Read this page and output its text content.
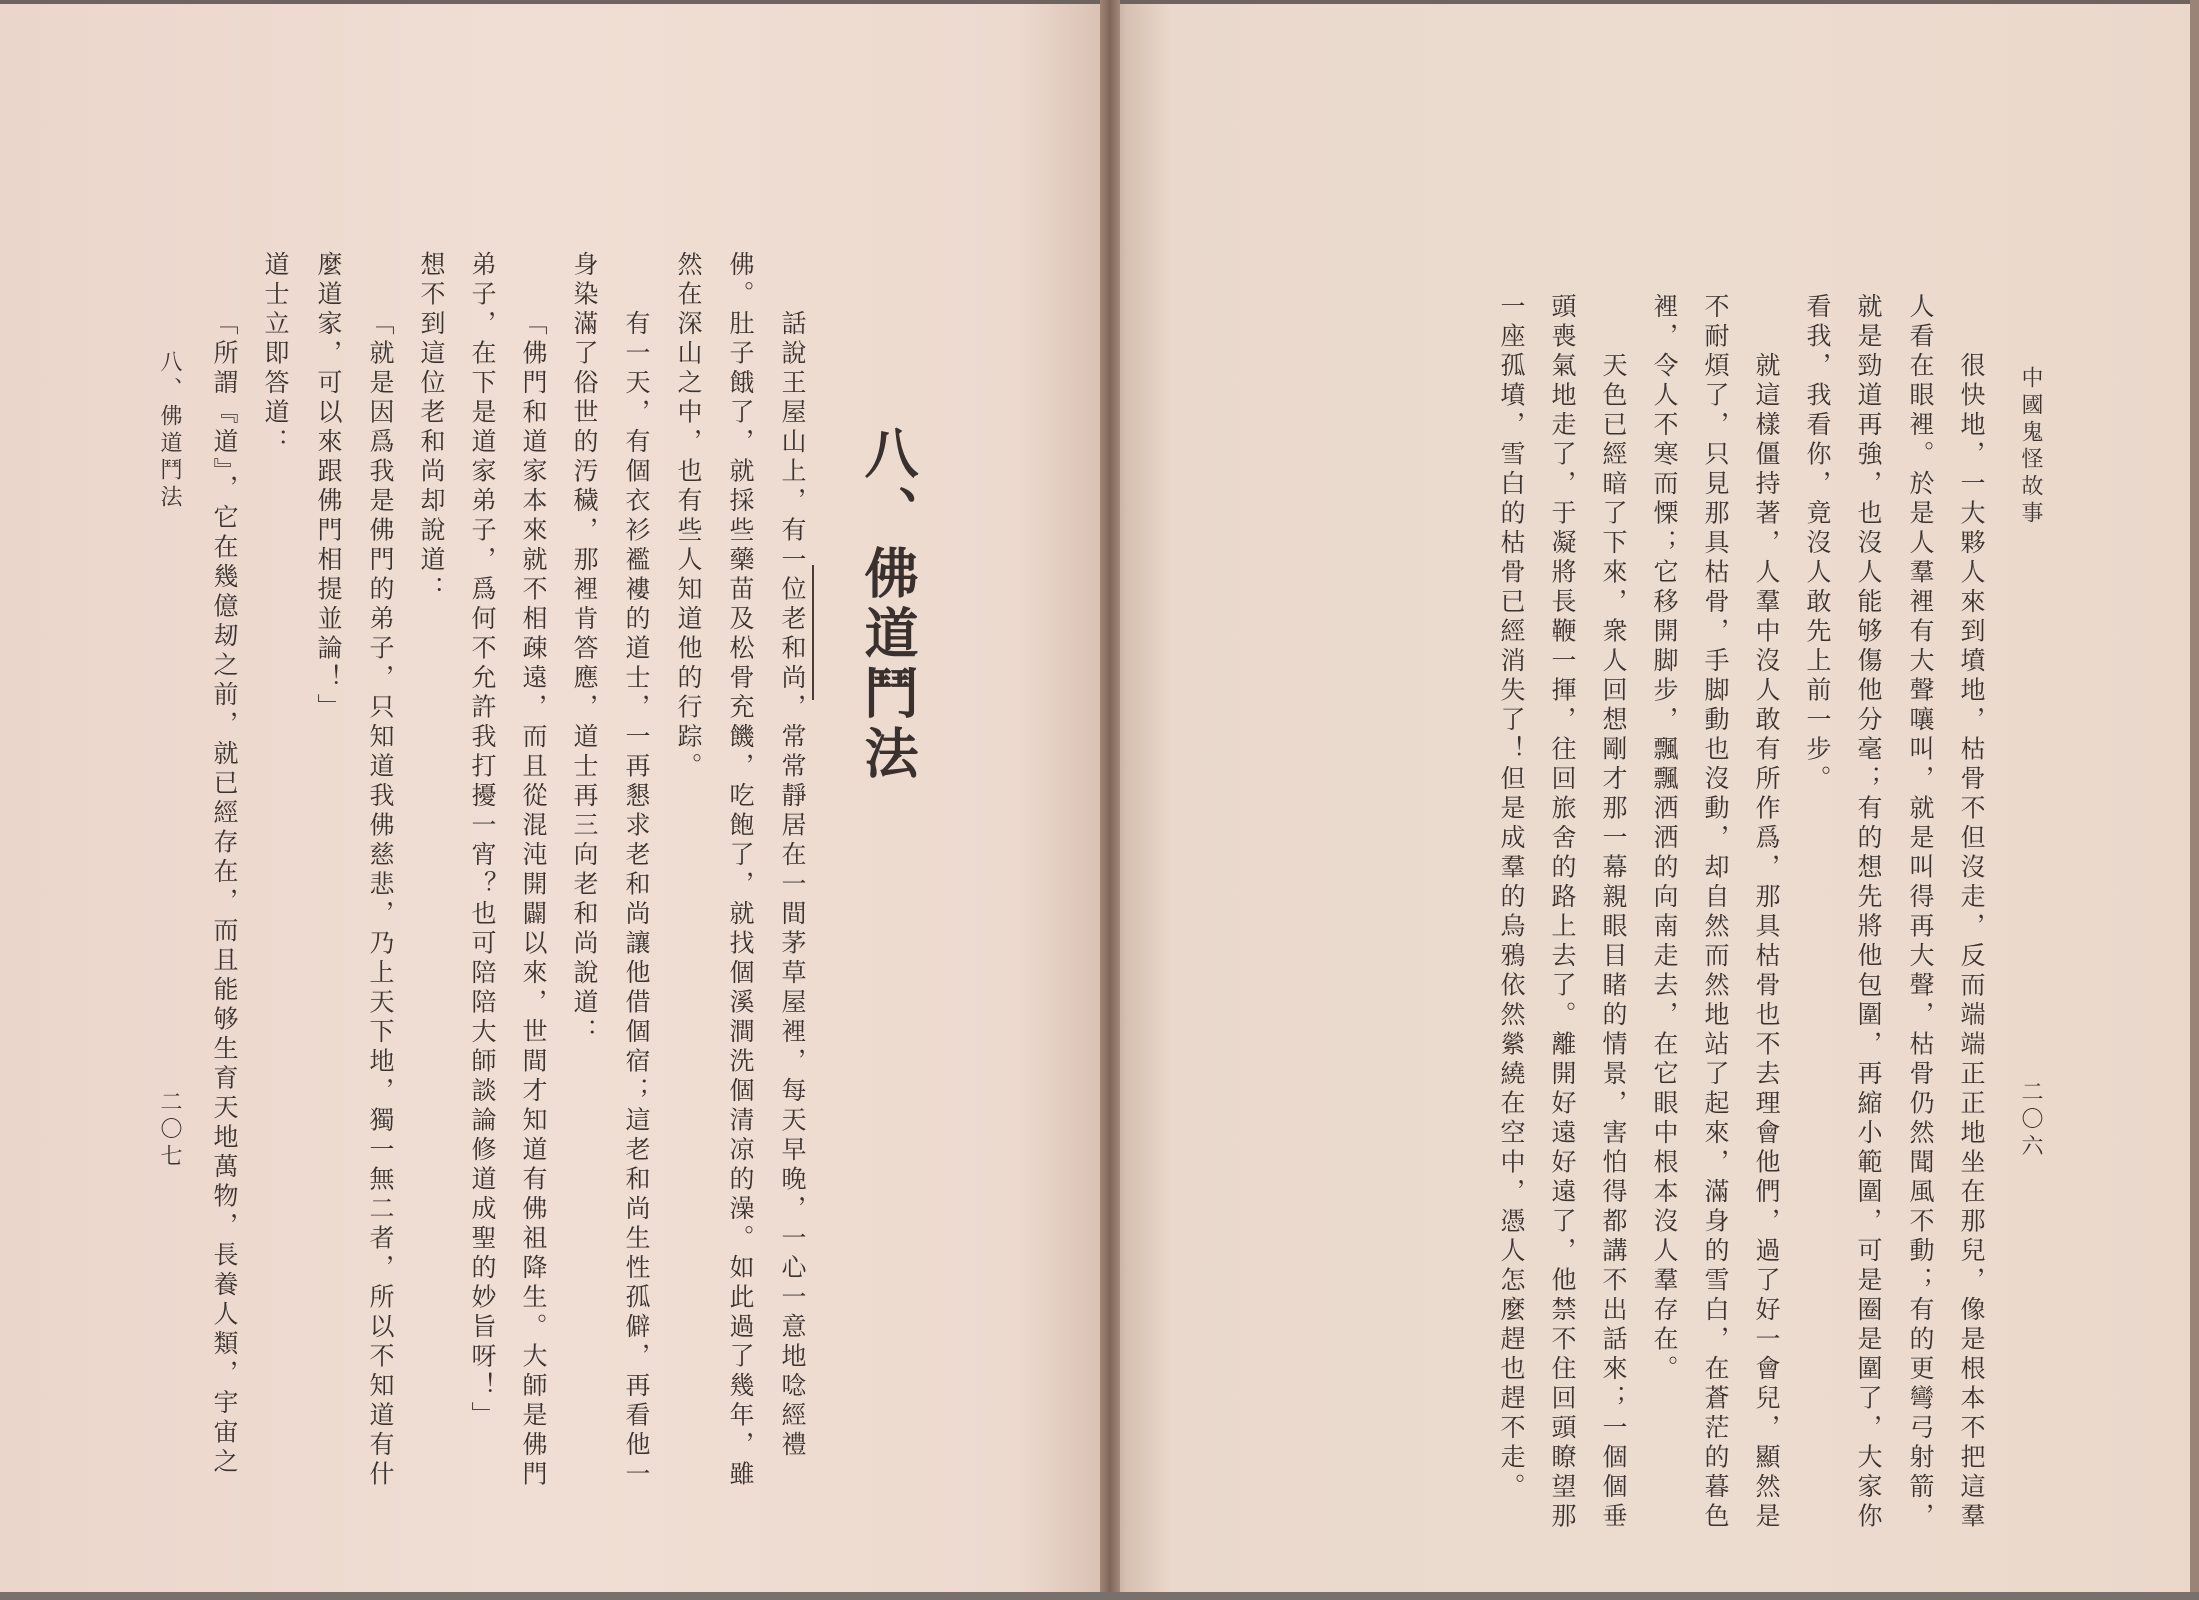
中國鬼怪故事
二〇六
很快地，一大夥人來到墳地，枯骨不但沒走，反而端端正正地坐在那兒，像是根本不把這羣
人看在眼裡。於是人羣裡有大聲嚷叫，就是叫得再大聲，枯骨仍然聞風不動；有的更彎弓射箭，
就是勁道再強，也沒人能够傷他分毫；有的想先將他包圍，再縮小範圍，可是圈是圍了，大家你
看我，我看你，竟沒人敢先上前一步。
就這樣僵持著，人羣中沒人敢有所作爲，那具枯骨也不去理會他們，過了好一會兒，顯然是
不耐煩了，只見那具枯骨，手脚動也沒動，却自然而然地站了起來，滿身的雪白，在蒼茫的暮色
裡，令人不寒而慄；它移開脚步，飄飄洒洒的向南走去，在它眼中根本沒人羣存在。
天色已經暗了下來，衆人回想剛才那一幕親眼目睹的情景，害怕得都講不出話來；一個個垂
頭喪氣地走了，于凝將長鞭一揮，往回旅舍的路上去了。離開好遠好遠了，他禁不住回頭瞭望那
一座孤墳，雪白的枯骨已經消失了！但是成羣的烏鴉依然縈繞在空中，憑人怎麼趕也趕不走。
八、佛道鬥法
話說王屋山上，有一位老和尚，常常靜居在一間茅草屋裡，每天早晚，一心一意地唸經禮
佛。肚子餓了，就採些藥苗及松骨充饑，吃飽了，就找個溪澗洗個清凉的澡。如此過了幾年，雖
然在深山之中，也有些人知道他的行踪。
有一天，有個衣衫襤褸的道士，一再懇求老和尚讓他借個宿；這老和尚生性孤僻，再看他一
身染滿了俗世的汚穢，那裡肯答應，道士再三向老和尚說道：
「佛門和道家本來就不相疎遠，而且從混沌開闢以來，世間才知道有佛祖降生。大師是佛門
弟子，在下是道家弟子，爲何不允許我打擾一宵？也可陪陪大師談論修道成聖的妙旨呀！」
想不到這位老和尚却說道：
「就是因爲我是佛門的弟子，只知道我佛慈悲，乃上天下地，獨一無二者，所以不知道有什
麼道家，可以來跟佛門相提並論！」
道士立即答道：
「所謂『道』，它在幾億刼之前，就已經存在，而且能够生育天地萬物，長養人類，宇宙之
八、佛道鬥法
二〇七
